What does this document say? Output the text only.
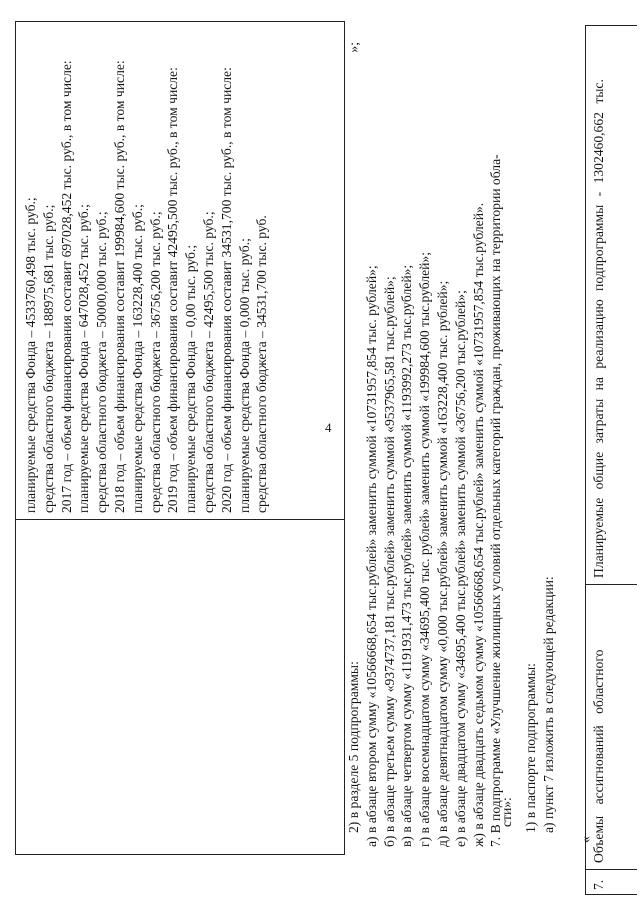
4
планируемые средства Фонда – 4533760,498 тыс. руб.; средства областного бюджета – 188975,681 тыс. руб.; 2017 год – объем финансирования составит 697028,452 тыс. руб., в том числе: планируемые средства Фонда – 647028,452 тыс. руб.; средства областного бюджета – 50000,000 тыс. руб.; 2018 год – объем финансирования составит 199984,600 тыс. руб., в том числе: планируемые средства Фонда – 163228,400 тыс. руб.; средства областного бюджета – 36756,200 тыс. руб.; 2019 год – объем финансирования составит 42495,500 тыс. руб., в том числе: планируемые средства Фонда – 0,00 тыс. руб.; средства областного бюджета – 42495,500 тыс. руб.; 2020 год – объем финансирования составит 34531,700 тыс. руб., в том числе: планируемые средства Фонда – 0,000 тыс. руб.; средства областного бюджета – 34531,700 тыс. руб.
»;
2) в разделе 5 подпрограммы: а) в абзаце втором сумму «10566668,654 тыс.рублей» заменить суммой «10731957,854 тыс. рублей»; б) в абзаце третьем сумму «9374737,181 тыс.рублей» заменить суммой «9537965,581 тыс.рублей»; в) в абзаце четвертом сумму «1191931,473 тыс.рублей» заменить суммой «1193992,273 тыс.рублей»; г) в абзаце восемнадцатом сумму «34695,400 тыс. рублей» заменить суммой «199984,600 тыс.рублей»; д) в абзаце девятнадцатом сумму «0,000 тыс.рублей» заменить суммой «163228,400 тыс. рублей»; е) в абзаце двадцатом сумму «34695,400 тыс.рублей» заменить суммой «36756,200 тыс.рублей»; ж) в абзаце двадцать седьмом сумму «10566668,654 тыс.рублей» заменить суммой «10731957,854 тыс.рублей». 7. В подпрограмме «Улучшение жилищных условий отдельных категорий граждан, проживающих на территории обла-
сти»: 1) в паспорте подпрограммы: а) пункт 7 изложить в следующей редакции:
«
7.
Объемы ассигнований областного
Планируемые общие затраты на реализацию подпрограммы - 1302460,662 тыс.
